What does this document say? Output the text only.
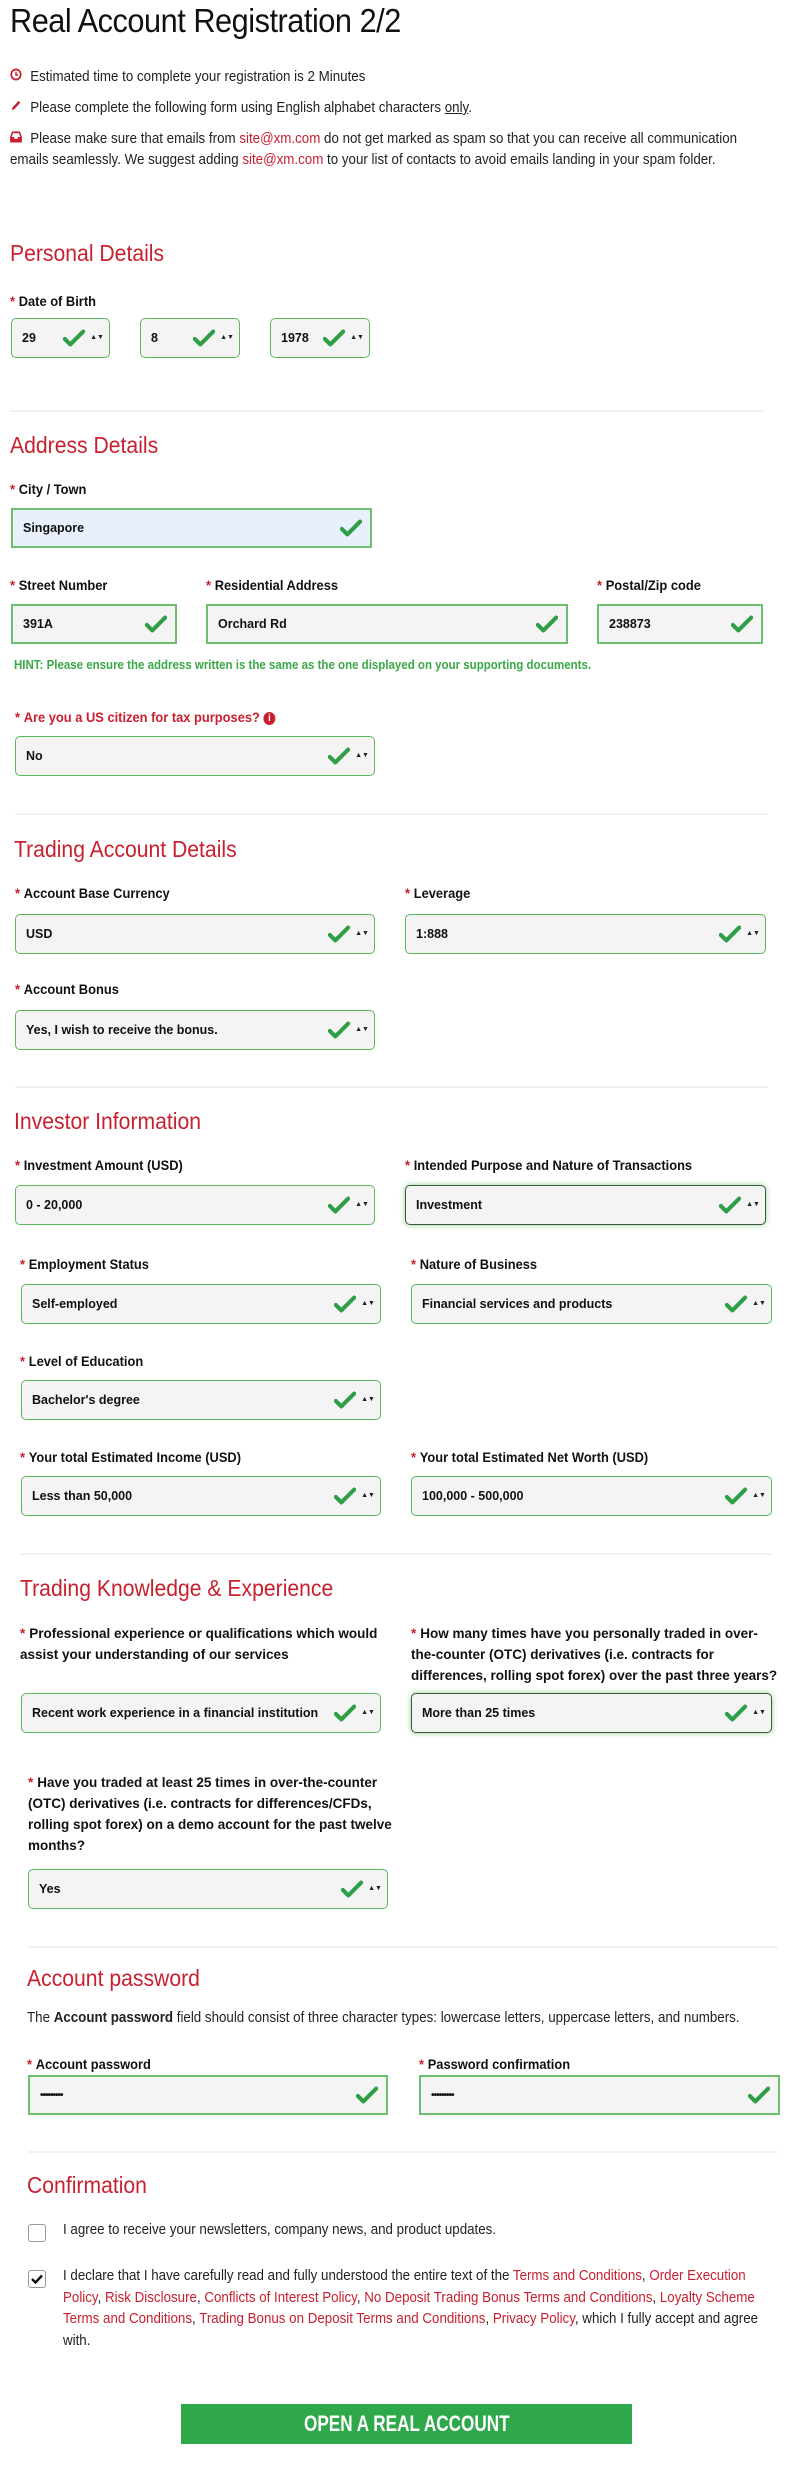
Real Account Registration 2/2
Estimated time to complete your registration is 2 Minutes
Please complete the following form using English alphabet characters only.
Please make sure that emails from site@xm.com do not get marked as spam so that you can receive all communication emails seamlessly. We suggest adding site@xm.com to your list of contacts to avoid emails landing in your spam folder.
Personal Details
* Date of Birth
29	▲▼	8	▲▼	1978	▲▼
Address Details
* City / Town
Singapore
* Street Number
391A
* Residential Address
Orchard Rd
* Postal/Zip code
238873
HINT: Please ensure the address written is the same as the one displayed on your supporting documents.
* Are you a US citizen for tax purposes? i
No	▲▼
Trading Account Details
* Account Base Currency
USD	▲▼
* Leverage
1:888	▲▼
* Account Bonus
Yes, I wish to receive the bonus.	▲▼
Investor Information
* Investment Amount (USD)
0 - 20,000	▲▼
* Intended Purpose and Nature of Transactions
Investment	▲▼
* Employment Status
Self-employed	▲▼
* Nature of Business
Financial services and products	▲▼
* Level of Education
Bachelor's degree	▲▼
* Your total Estimated Income (USD)
Less than 50,000	▲▼
* Your total Estimated Net Worth (USD)
100,000 - 500,000	▲▼
Trading Knowledge & Experience
* Professional experience or qualifications which would assist your understanding of our services
Recent work experience in a financial institution	▲▼
* How many times have you personally traded in over-the-counter (OTC) derivatives (i.e. contracts for differences, rolling spot forex) over the past three years?
More than 25 times	▲▼
* Have you traded at least 25 times in over-the-counter (OTC) derivatives (i.e. contracts for differences/CFDs, rolling spot forex) on a demo account for the past twelve months?
Yes	▲▼
Account password
The Account password field should consist of three character types: lowercase letters, uppercase letters, and numbers.
* Account password
•••••••••
* Password confirmation
•••••••••
Confirmation
I agree to receive your newsletters, company news, and product updates.
I declare that I have carefully read and fully understood the entire text of the Terms and Conditions, Order Execution Policy, Risk Disclosure, Conflicts of Interest Policy, No Deposit Trading Bonus Terms and Conditions, Loyalty Scheme Terms and Conditions, Trading Bonus on Deposit Terms and Conditions, Privacy Policy, which I fully accept and agree with.
OPEN A REAL ACCOUNT
